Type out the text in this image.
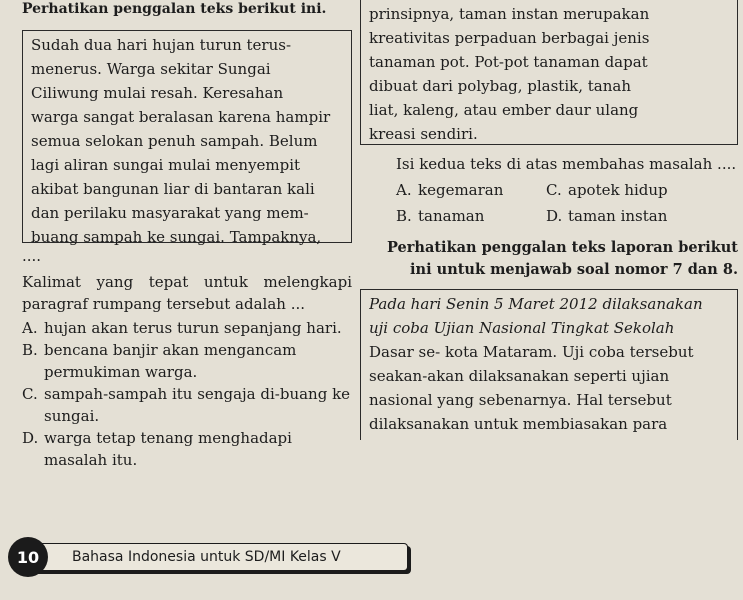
Perhatikan penggalan teks berikut ini.
Sudah dua hari hujan turun terus-
menerus. Warga sekitar Sungai
Ciliwung mulai resah. Keresahan
warga sangat beralasan karena hampir
semua selokan penuh sampah. Belum
lagi aliran sungai mulai menyempit
akibat bangunan liar di bantaran kali
dan perilaku masyarakat yang mem-
buang sampah ke sungai. Tampaknya,
....
Kalimat yang tepat untuk melengkapi paragraf rumpang tersebut adalah ...
A. hujan akan terus turun sepanjang hari.
B. bencana banjir akan mengancam permukiman warga.
C. sampah-sampah itu sengaja di-buang ke sungai.
D. warga tetap tenang menghadapi masalah itu.
prinsipnya, taman instan merupakan
kreativitas perpaduan berbagai jenis
tanaman pot. Pot-pot tanaman dapat
dibuat dari polybag, plastik, tanah
liat, kaleng, atau ember daur ulang
kreasi sendiri.
Isi kedua teks di atas membahas masalah ....
A. kegemaran	C. apotek hidup
B. tanaman	D. taman instan
Perhatikan penggalan teks laporan berikut
ini untuk menjawab soal nomor 7 dan 8.
Pada hari Senin 5 Maret 2012 dilaksanakan
uji coba Ujian Nasional Tingkat Sekolah
Dasar se- kota Mataram. Uji coba tersebut
seakan-akan dilaksanakan seperti ujian
nasional yang sebenarnya. Hal tersebut
dilaksanakan untuk membiasakan para
Bahasa Indonesia untuk SD/MI Kelas V
10
